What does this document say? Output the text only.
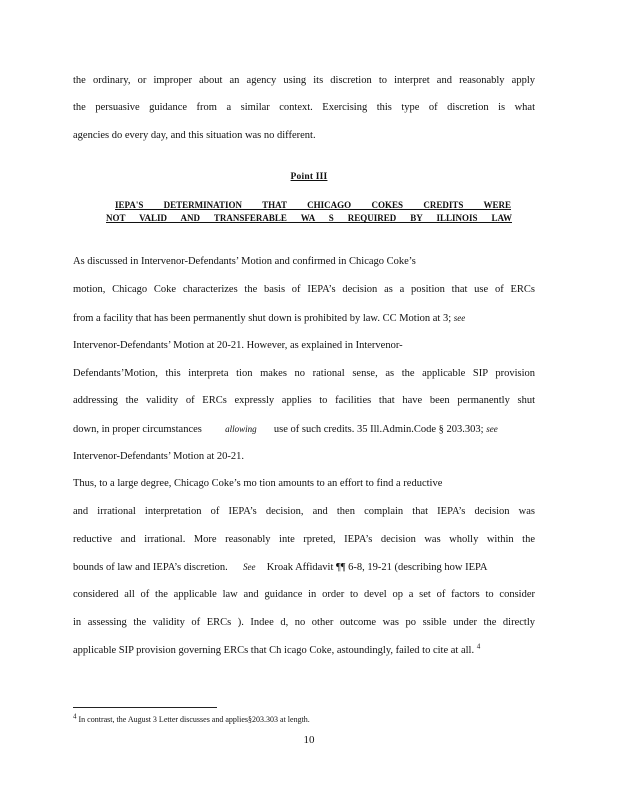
the ordinary, or improper about an agency using its discretion to interpret and reasonably apply
the persuasive guidance from a similar context. Exercising this type of discretion is what
agencies do every day, and this situation was no different.
Point III
IEPA'S DETERMINATION THAT CHICAGO COKES CREDITS WERE
NOT VALID AND TRANSFERABLE WA S REQUIRED BY ILLINOIS LAW
As discussed in Intervenor-Defendants’ Motion and confirmed in Chicago Coke’s
motion, Chicago Coke characterizes the basis of IEPA’s decision as a position that use of ERCs
from a facility that has been permanently shut down is prohibited by law. CC Motion at 3; see
Intervenor-Defendants’ Motion at 20-21. However, as explained in Intervenor-
Defendants’Motion, this interpreta tion makes no rational sense, as the applicable SIP provision
addressing the validity of ERCs expressly applies to facilities that have been permanently shut
down, in proper circumstances	allowing use of such credits. 35 Ill.Admin.Code § 203.303; see
Intervenor-Defendants’ Motion at 20-21.
Thus, to a large degree, Chicago Coke’s mo tion amounts to an effort to find a reductive
and irrational interpretation of IEPA’s decision, and then complain that IEPA’s decision was
reductive and irrational. More reasonably inte rpreted, IEPA’s decision was wholly within the
bounds of law and IEPA’s discretion. See Kroak Affidavit ¶¶ 6-8, 19-21 (describing how IEPA
considered all of the applicable law and guidance in order to devel op a set of factors to consider
in assessing the validity of ERCs ). Indee d, no other outcome was po ssible under the directly
applicable SIP provision governing ERCs that Ch icago Coke, astoundingly, failed to cite at all. $^4$
$^4$ In contrast, the August 3 Letter discusses and applies§203.303 at length.
10
